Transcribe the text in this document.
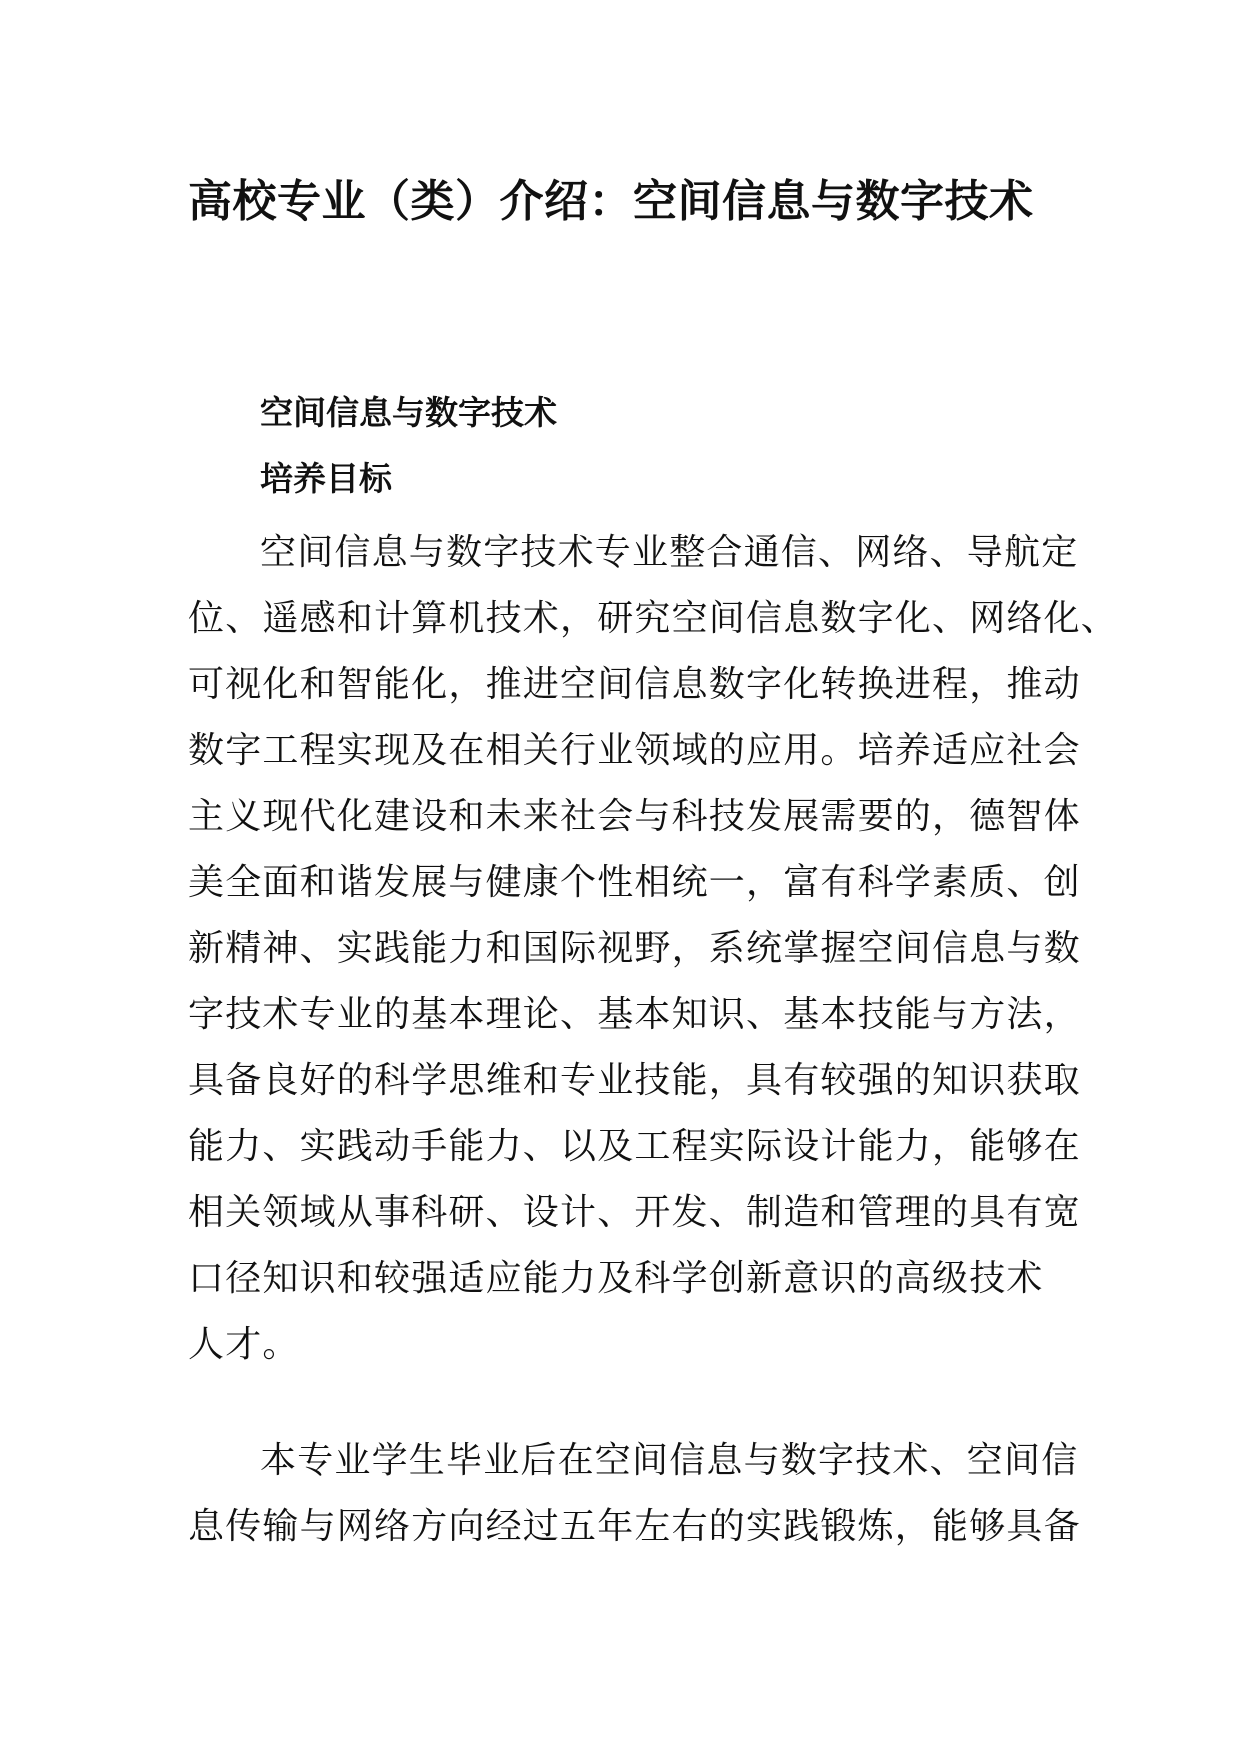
高校专业（类）介绍：空间信息与数字技术
空间信息与数字技术
培养目标
空间信息与数字技术专业整合通信、网络、导航定
位、遥感和计算机技术，研究空间信息数字化、网络化、
可视化和智能化，推进空间信息数字化转换进程，推动
数字工程实现及在相关行业领域的应用。培养适应社会
主义现代化建设和未来社会与科技发展需要的，德智体
美全面和谐发展与健康个性相统一，富有科学素质、创
新精神、实践能力和国际视野，系统掌握空间信息与数
字技术专业的基本理论、基本知识、基本技能与方法，
具备良好的科学思维和专业技能，具有较强的知识获取
能力、实践动手能力、以及工程实际设计能力，能够在
相关领域从事科研、设计、开发、制造和管理的具有宽
口径知识和较强适应能力及科学创新意识的高级技术
人才。
本专业学生毕业后在空间信息与数字技术、空间信
息传输与网络方向经过五年左右的实践锻炼，能够具备
